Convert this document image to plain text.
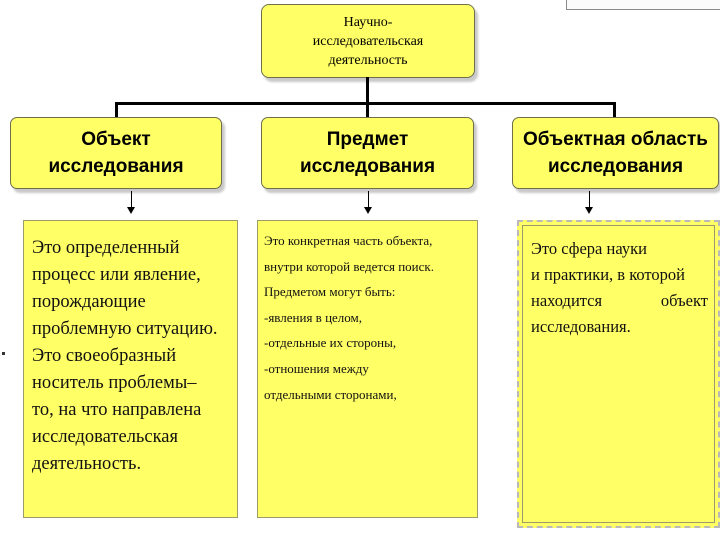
Научно-
исследовательская
деятельность
Объект
исследования
Предмет
исследования
Объектная область
исследования
Это определенный
процесс или явление,
порождающие
проблемную ситуацию.
Это своеобразный
носитель проблемы–
то, на что направлена
исследовательская
деятельность.
Это конкретная часть объекта,
внутри которой ведется поиск.
Предметом могут быть:
-явления в целом,
-отдельные их стороны,
-отношения между
отдельными сторонами,
Это сфера науки
и практики, в которой
находится	объект
исследования.
